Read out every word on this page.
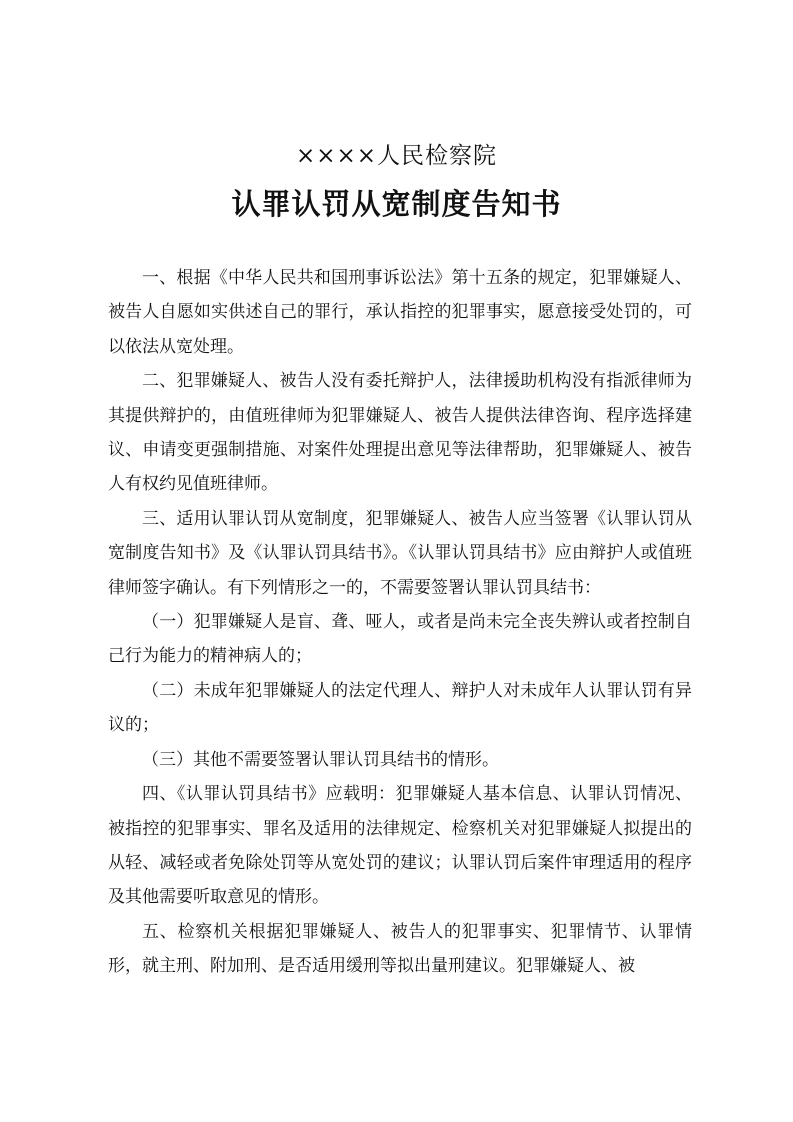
××××人民检察院
认罪认罚从宽制度告知书

一、根据《中华人民共和国刑事诉讼法》第十五条的规定，犯罪嫌疑人、被告人自愿如实供述自己的罪行，承认指控的犯罪事实，愿意接受处罚的，可以依法从宽处理。

二、犯罪嫌疑人、被告人没有委托辩护人，法律援助机构没有指派律师为其提供辩护的，由值班律师为犯罪嫌疑人、被告人提供法律咨询、程序选择建议、申请变更强制措施、对案件处理提出意见等法律帮助，犯罪嫌疑人、被告人有权约见值班律师。

三、适用认罪认罚从宽制度，犯罪嫌疑人、被告人应当签署《认罪认罚从宽制度告知书》及《认罪认罚具结书》。《认罪认罚具结书》应由辩护人或值班律师签字确认。有下列情形之一的，不需要签署认罪认罚具结书：

（一）犯罪嫌疑人是盲、聋、哑人，或者是尚未完全丧失辨认或者控制自己行为能力的精神病人的；

（二）未成年犯罪嫌疑人的法定代理人、辩护人对未成年人认罪认罚有异议的；

（三）其他不需要签署认罪认罚具结书的情形。

四、《认罪认罚具结书》应载明：犯罪嫌疑人基本信息、认罪认罚情况、被指控的犯罪事实、罪名及适用的法律规定、检察机关对犯罪嫌疑人拟提出的从轻、减轻或者免除处罚等从宽处罚的建议；认罪认罚后案件审理适用的程序及其他需要听取意见的情形。

五、检察机关根据犯罪嫌疑人、被告人的犯罪事实、犯罪情节、认罪情形，就主刑、附加刑、是否适用缓刑等拟出量刑建议。犯罪嫌疑人、被
